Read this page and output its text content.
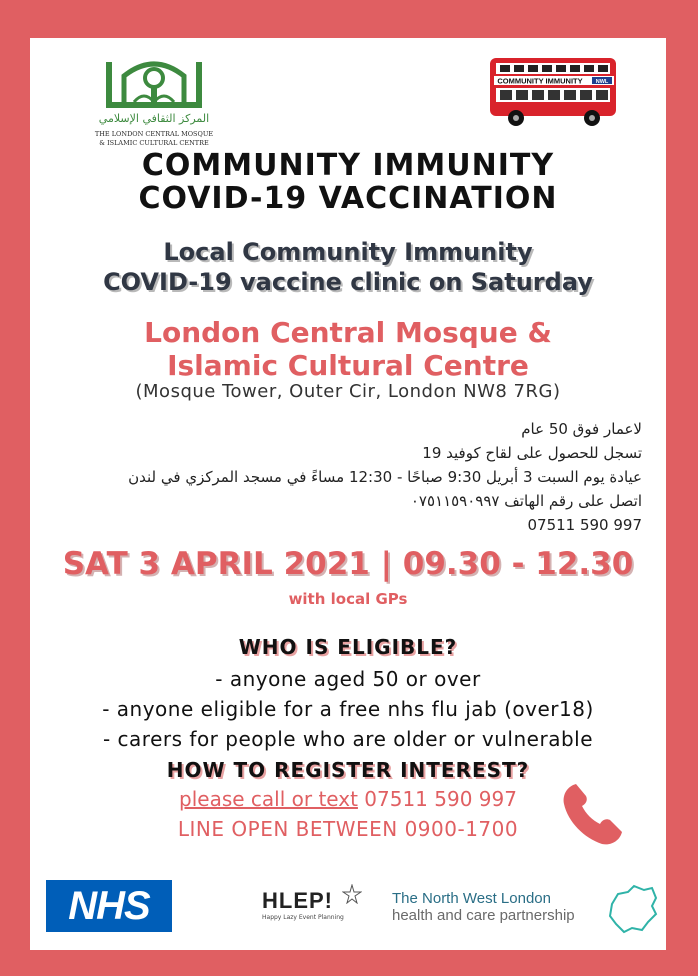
المركز الثقافي الإسلامي
THE LONDON CENTRAL MOSQUE
& ISLAMIC CULTURAL CENTRE
COMMUNITY IMMUNITY NWL
COMMUNITY IMMUNITY
COVID-19 VACCINATION
Local Community Immunity
COVID-19 vaccine clinic on Saturday
London Central Mosque &
Islamic Cultural Centre
(Mosque Tower, Outer Cir, London NW8 7RG)
لاعمار فوق 50 عام
تسجل للحصول على لقاح كوفيد 19
عيادة يوم السبت 3 أبريل 9:30 صباحًا - 12:30 مساءً في مسجد المركزي في لندن
اتصل على رقم الهاتف ٠٧٥١١٥٩٠٩٩٧
07511 590 997
SAT 3 APRIL 2021 | 09.30 - 12.30
with local GPs
WHO IS ELIGIBLE?
- anyone aged 50 or over
- anyone eligible for a free nhs flu jab (over18)
- carers for people who are older or vulnerable
HOW TO REGISTER INTEREST?
please call or text 07511 590 997
LINE OPEN BETWEEN 0900-1700
NHS	HLEP!
Happy Lazy Event Planning
The North West London
health and care partnership
